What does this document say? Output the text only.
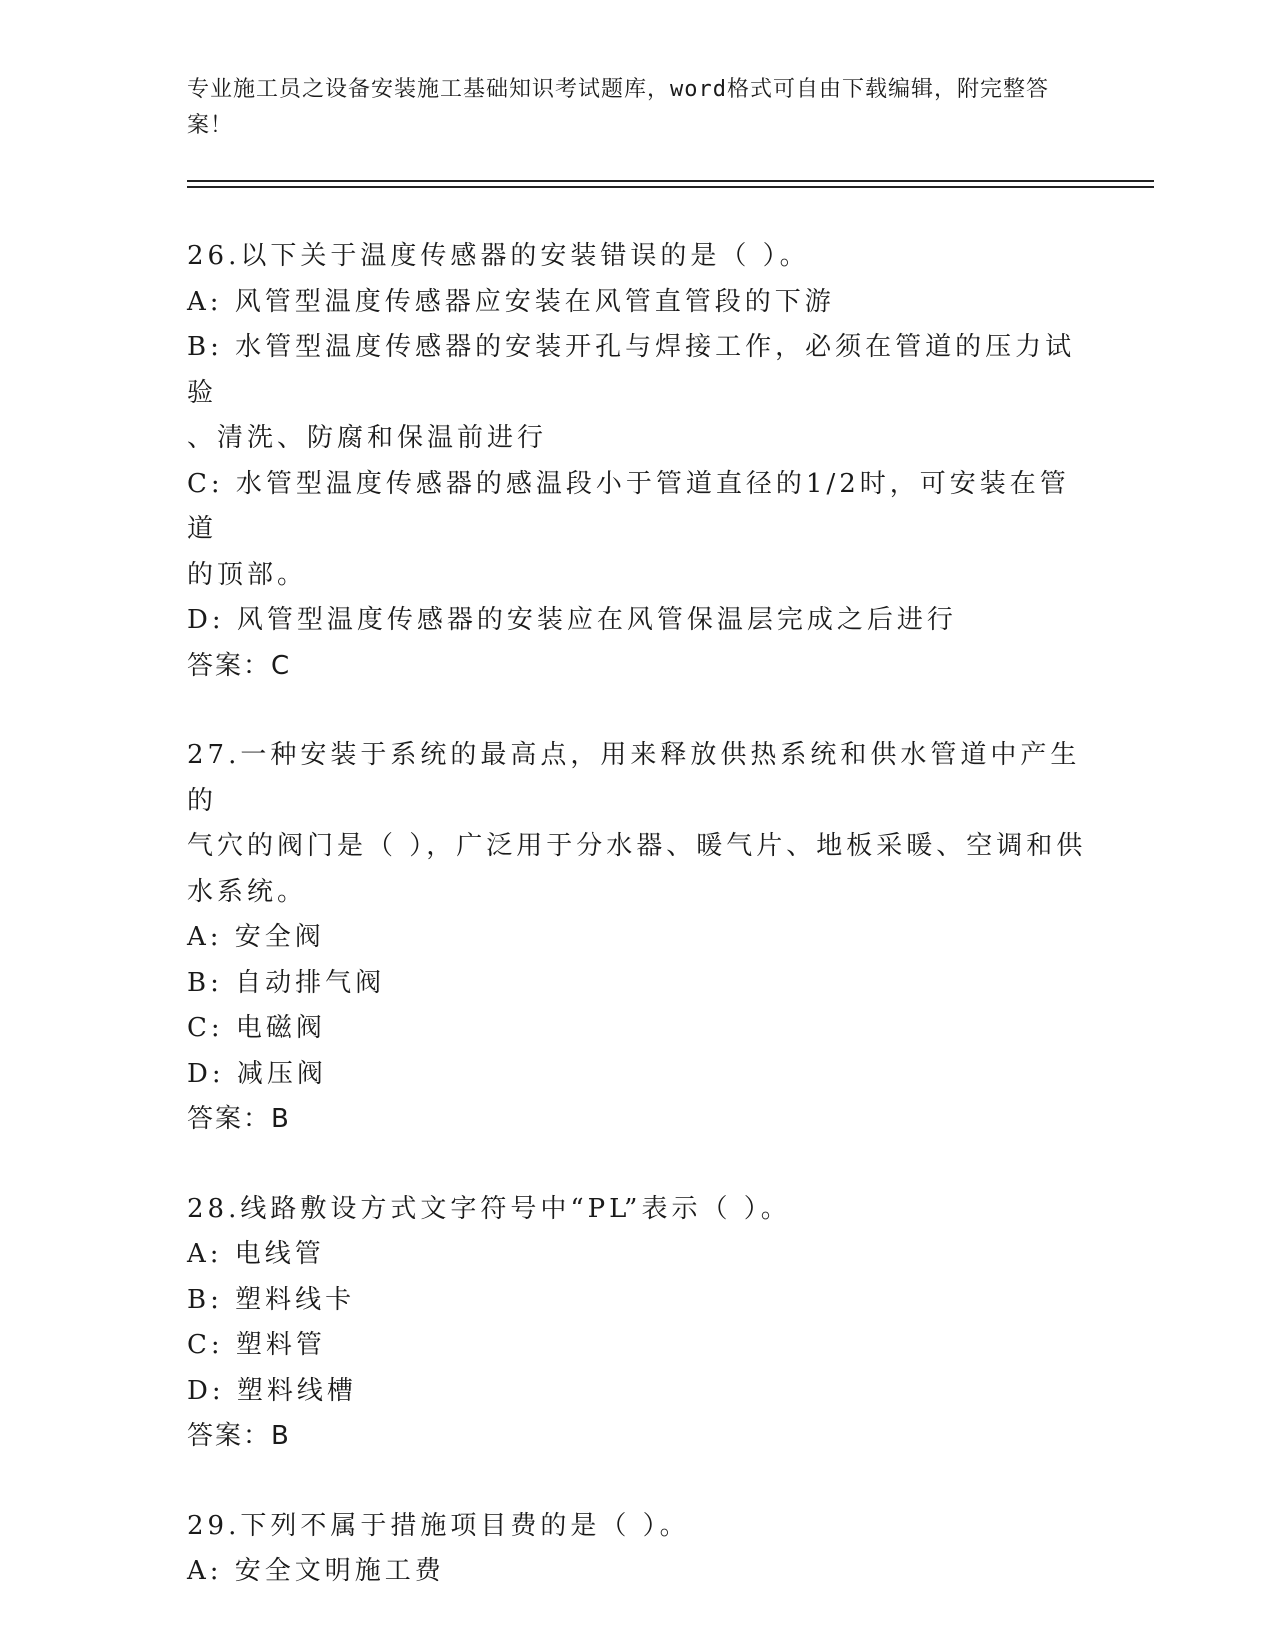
专业施工员之设备安装施工基础知识考试题库，word格式可自由下载编辑，附完整答案！
26.以下关于温度传感器的安装错误的是（ ）。
A: 风管型温度传感器应安装在风管直管段的下游
B: 水管型温度传感器的安装开孔与焊接工作，必须在管道的压力试验
、清洗、防腐和保温前进行
C: 水管型温度传感器的感温段小于管道直径的1/2时，可安装在管道
的顶部。
D: 风管型温度传感器的安装应在风管保温层完成之后进行
答案：C
27.一种安装于系统的最高点，用来释放供热系统和供水管道中产生的
气穴的阀门是（ ），广泛用于分水器、暖气片、地板采暖、空调和供
水系统。
A: 安全阀
B: 自动排气阀
C: 电磁阀
D: 减压阀
答案：B
28.线路敷设方式文字符号中“PL”表示（ ）。
A: 电线管
B: 塑料线卡
C: 塑料管
D: 塑料线槽
答案：B
29.下列不属于措施项目费的是（ ）。
A: 安全文明施工费
